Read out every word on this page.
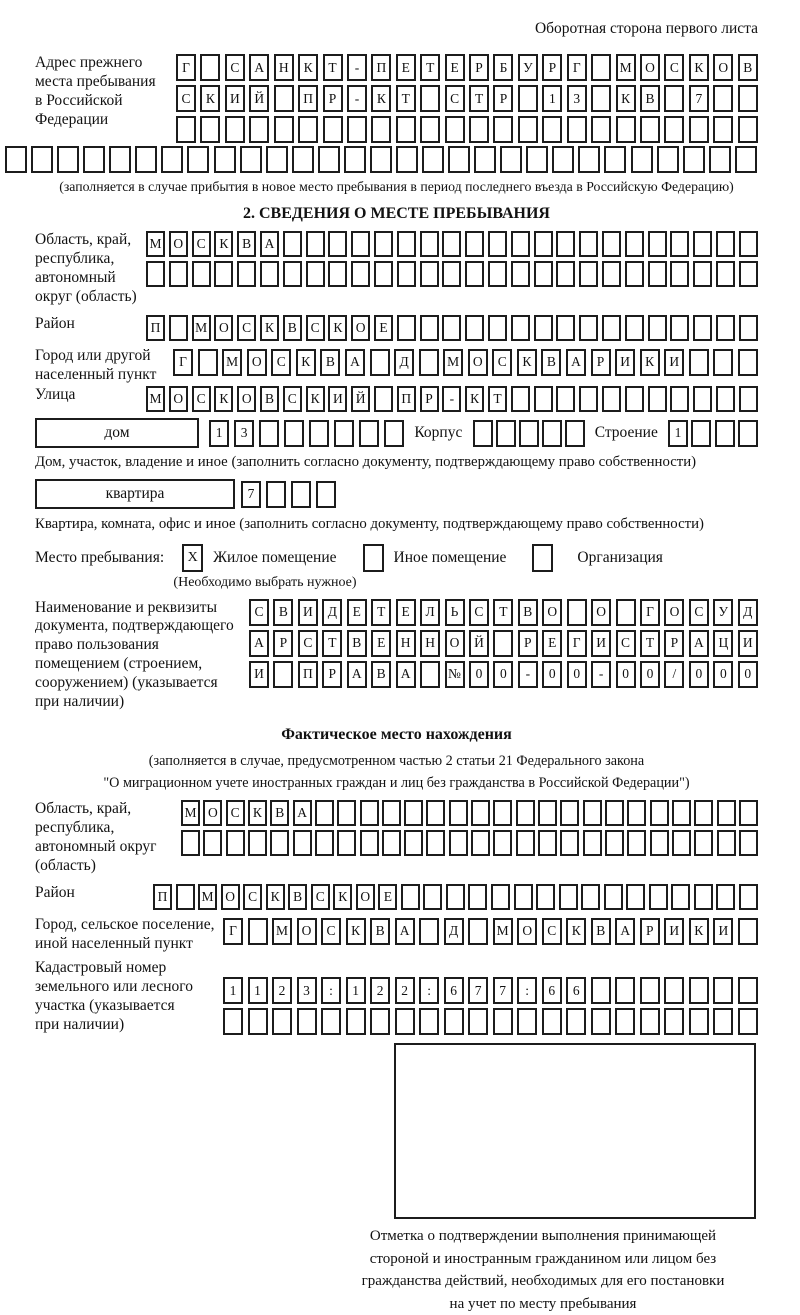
Оборотная сторона первого листа
Адрес прежнего
места пребывания
в Российской
Федерации
Г	С	А	Н	К	Т	-	П	Е	Т	Е	Р	Б	У	Р	Г	М	О	С	К	О	В
С	К	И	Й	П	Р	-	К	Т	С	Т	Р	1	3	К	В	7
(заполняется в случае прибытия в новое место пребывания в период последнего въезда в Российскую Федерацию)
2. СВЕДЕНИЯ О МЕСТЕ ПРЕБЫВАНИЯ
Область, край,
республика,
автономный
округ (область)
М О С	К	В А
Район	П	М О С	К	В	С	К О	Е
Город или другой
населенный пункт
Г	М	О	С	К	В	А	Д	М	О	С	К	В	А	Р	И	К	И
Улица	М О С	К О В	С	К И Й	П	Р	-	К	Т
дом	1	3	Корпус	Строение	1
Дом, участок, владение и иное (заполнить согласно документу, подтверждающему право собственности)
квартира	7
Квартира, комната, офис и иное (заполнить согласно документу, подтверждающему право собственности)
Место пребывания:	X Жилое помещение	Иное помещение	Организация
(Необходимо выбрать нужное)
Наименование и реквизиты
документа, подтверждающего
право пользования
помещением (строением,
сооружением) (указывается
при наличии)
С	В	И	Д	Е	Т	Е	Л	Ь	С	Т	В	О	О	Г	О	С	У	Д
А	Р	С	Т	В	Е	Н	Н	О	Й	Р	Е	Г	И	С	Т	Р	А	Ц	И
И	П	Р	А	В	А	№	0	0	-	0	0	-	0	0	/	0	0	0
Фактическое место нахождения
(заполняется в случае, предусмотренном частью 2 статьи 21 Федерального закона
"О миграционном учете иностранных граждан и лиц без гражданства в Российской Федерации")
Область, край,
республика,
автономный округ
(область)
М О С К В А
Район	П	М О С	К	В	С	К О	Е
Город, сельское поселение,
иной населенный пункт
Г	М	О	С	К	В	А	Д	М	О	С	К	В	А	Р	И	К	И
Кадастровый номер
земельного или лесного
участка (указывается
при наличии)
1	1	2	3	:	1	2	2	:	6	7	7	:	6	6
Отметка о подтверждении выполнения принимающей
стороной и иностранным гражданином или лицом без
гражданства действий, необходимых для его постановки
на учет по месту пребывания
